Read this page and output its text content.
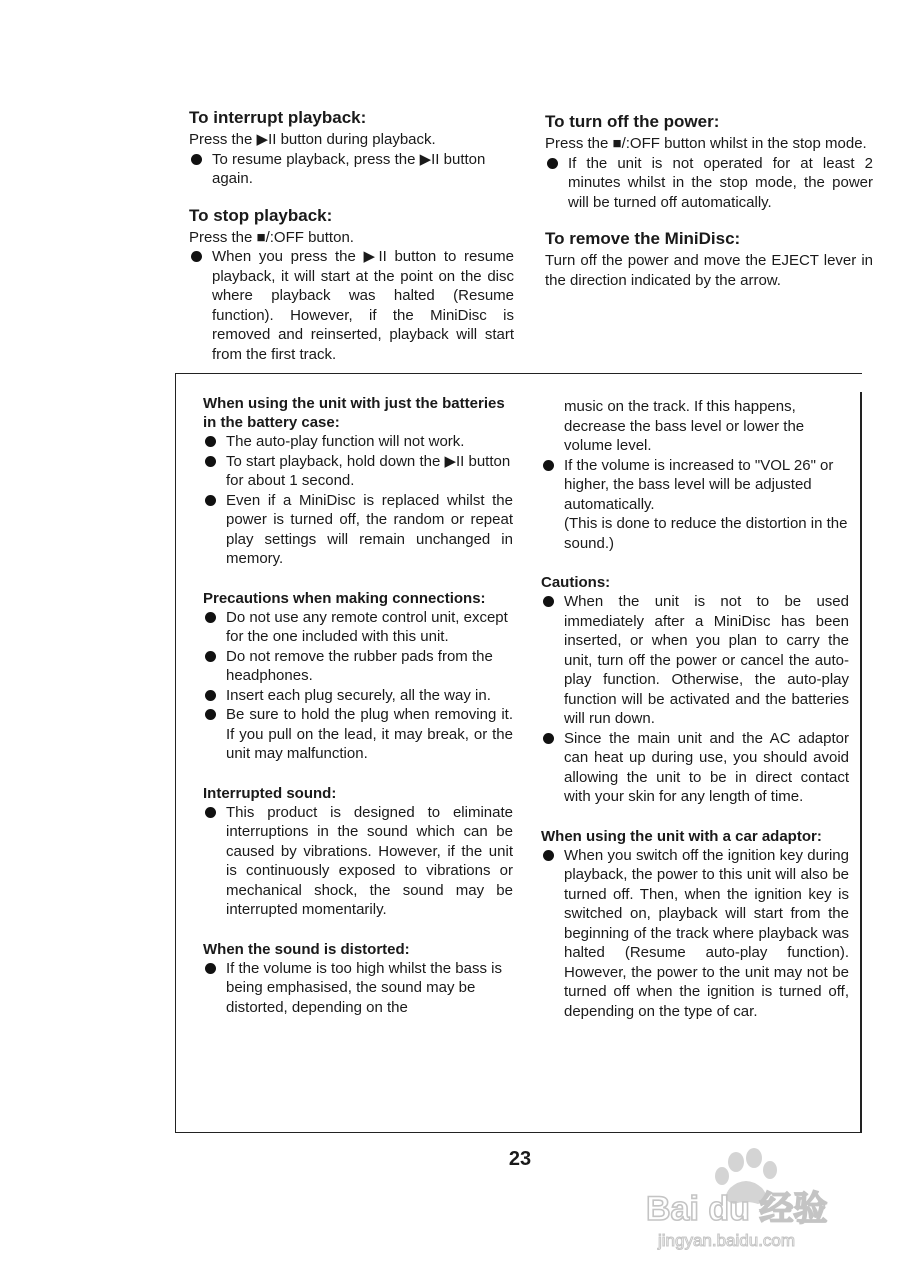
To interrupt playback:

Press the ▶II button during playback.

To resume playback, press the ▶II button again.

To stop playback:

Press the ■/:OFF button.

When you press the ▶II button to resume playback, it will start at the point on the disc where playback was halted (Resume function). However, if the MiniDisc is removed and reinserted, playback will start from the first track.

To turn off the power:

Press the ■/:OFF button whilst in the stop mode.

If the unit is not operated for at least 2 minutes whilst in the stop mode, the power will be turned off automatically.

To remove the MiniDisc:

Turn off the power and move the EJECT lever in the direction indicated by the arrow.

When using the unit with just the batteries in the battery case:

The auto-play function will not work.

To start playback, hold down the ▶II button for about 1 second.

Even if a MiniDisc is replaced whilst the power is turned off, the random or repeat play settings will remain unchanged in memory.

Precautions when making connections:

Do not use any remote control unit, except for the one included with this unit.

Do not remove the rubber pads from the headphones.

Insert each plug securely, all the way in.

Be sure to hold the plug when removing it. If you pull on the lead, it may break, or the unit may malfunction.

Interrupted sound:

This product is designed to eliminate interruptions in the sound which can be caused by vibrations. However, if the unit is continuously exposed to vibrations or mechanical shock, the sound may be interrupted momentarily.

When the sound is distorted:

If the volume is too high whilst the bass is being emphasised, the sound may be distorted, depending on the

music on the track. If this happens, decrease the bass level or lower the volume level.

If the volume is increased to "VOL 26" or higher, the bass level will be adjusted automatically.

(This is done to reduce the distortion in the sound.)

Cautions:

When the unit is not to be used immediately after a MiniDisc has been inserted, or when you plan to carry the unit, turn off the power or cancel the auto-play function. Otherwise, the auto-play function will be activated and the batteries will run down.

Since the main unit and the AC adaptor can heat up during use, you should avoid allowing the unit to be in direct contact with your skin for any length of time.

When using the unit with a car adaptor:

When you switch off the ignition key during playback, the power to this unit will also be turned off. Then, when the ignition key is switched on, playback will start from the beginning of the track where playback was halted (Resume auto-play function). However, the power to the unit may not be turned off when the ignition is turned off, depending on the type of car.

23
Bai du 经验
jingyan.baidu.com
